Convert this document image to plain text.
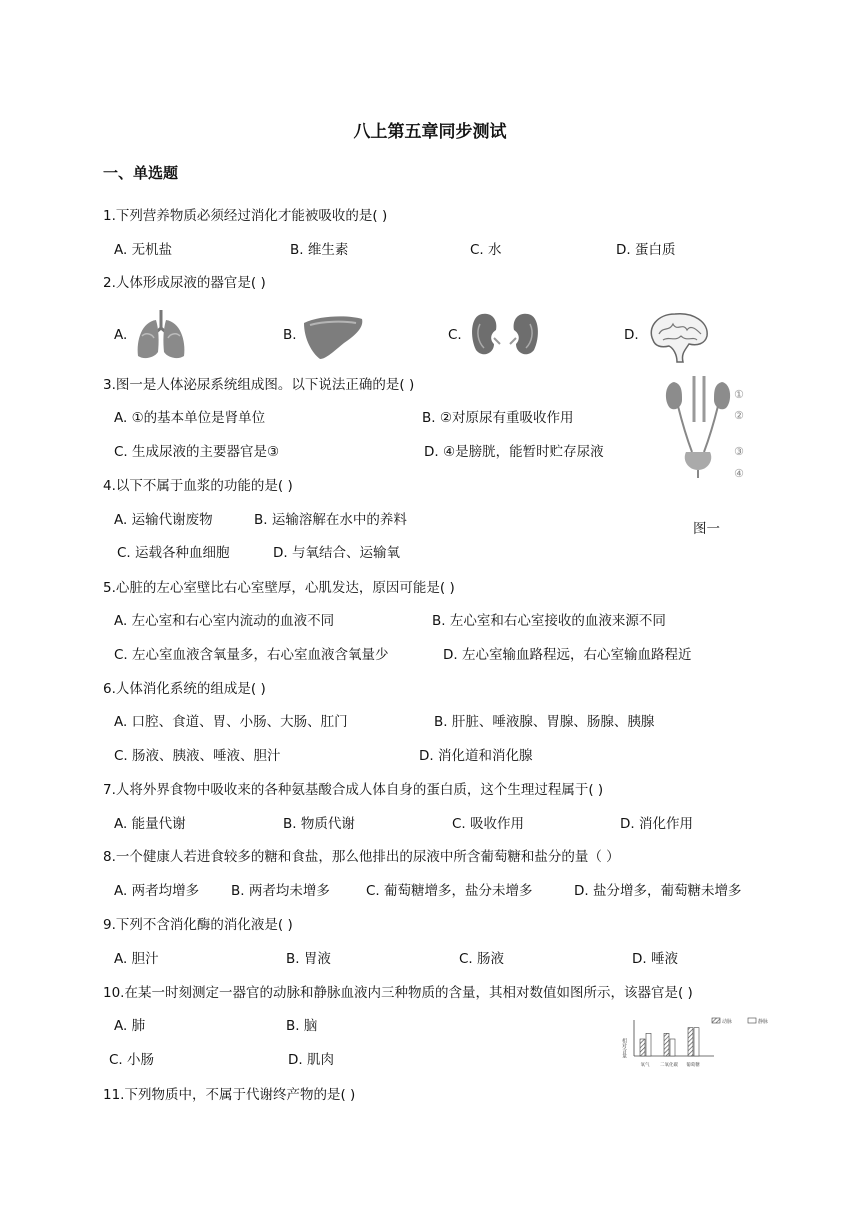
八上第五章同步测试
一、单选题
1.下列营养物质必须经过消化才能被吸收的是( )
A. 无机盐	B. 维生素	C. 水	D. 蛋白质
2.人体形成尿液的器官是( )
A.	B.	C.	D.
3.图一是人体泌尿系统组成图。以下说法正确的是( )
A. ①的基本单位是肾单位	B. ②对原尿有重吸收作用
C. 生成尿液的主要器官是③	D. ④是膀胱，能暂时贮存尿液
①
②
③
④
图一
4.以下不属于血浆的功能的是( )
A. 运输代谢废物	B. 运输溶解在水中的养料
C. 运载各种血细胞	D. 与氧结合、运输氧
5.心脏的左心室壁比右心室壁厚，心肌发达，原因可能是( )
A. 左心室和右心室内流动的血液不同	B. 左心室和右心室接收的血液来源不同
C. 左心室血液含氧量多，右心室血液含氧量少	D. 左心室输血路程远，右心室输血路程近
6.人体消化系统的组成是( )
A. 口腔、食道、胃、小肠、大肠、肛门	B. 肝脏、唾液腺、胃腺、肠腺、胰腺
C. 肠液、胰液、唾液、胆汁	D. 消化道和消化腺
7.人将外界食物中吸收来的各种氨基酸合成人体自身的蛋白质，这个生理过程属于( )
A. 能量代谢	B. 物质代谢	C. 吸收作用	D. 消化作用
8.一个健康人若进食较多的糖和食盐，那么他排出的尿液中所含葡萄糖和盐分的量（ ）
A. 两者均增多 B. 两者均未增多	C. 葡萄糖增多，盐分未增多	D. 盐分增多，葡萄糖未增多
9.下列不含消化酶的消化液是( )
A. 胆汁	B. 胃液	C. 肠液	D. 唾液
10.在某一时刻测定一器官的动脉和静脉血液内三种物质的含量，其相对数值如图所示，该器官是( )
A. 肺	B. 脑
C. 小肠	D. 肌肉
相对含量
氧气 二氧化碳 葡萄糖
动脉	静脉
11.下列物质中，不属于代谢终产物的是( )
